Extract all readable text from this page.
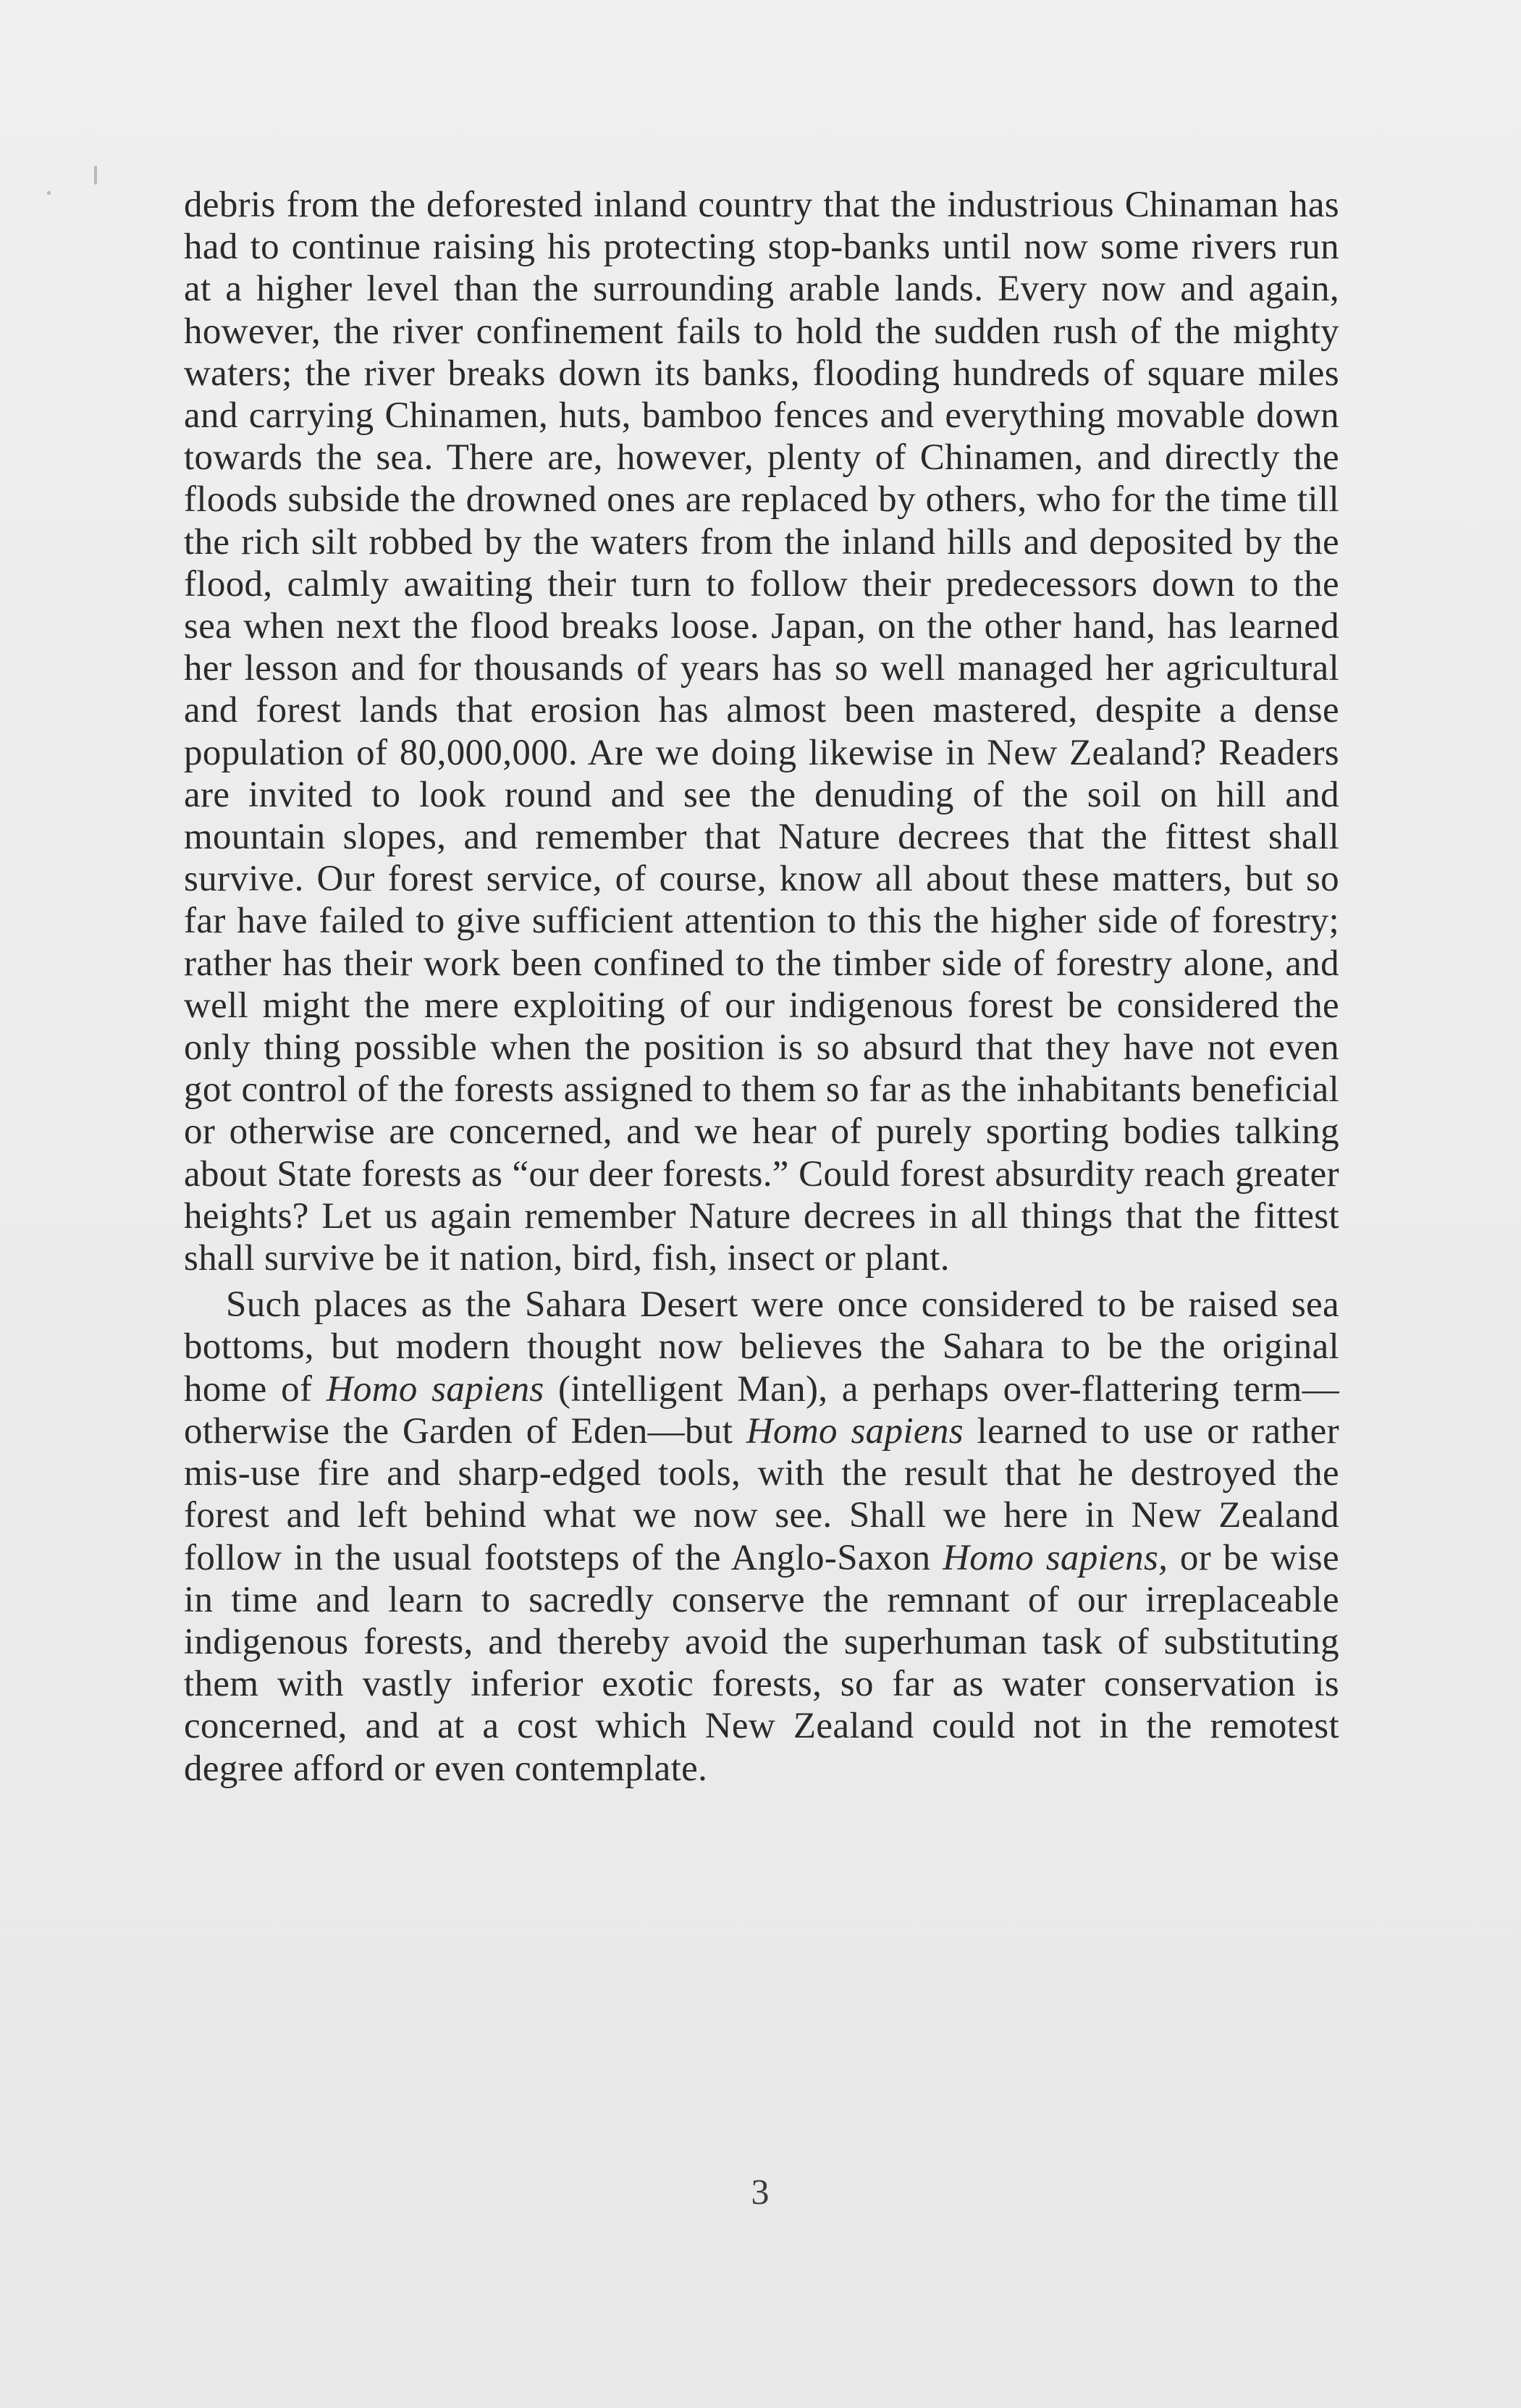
debris from the deforested inland country that the industrious Chinaman has had to continue raising his protecting stop-banks until now some rivers run at a higher level than the surrounding arable lands. Every now and again, however, the river confinement fails to hold the sudden rush of the mighty waters; the river breaks down its banks, flooding hundreds of square miles and carrying Chinamen, huts, bamboo fences and everything movable down towards the sea. There are, however, plenty of Chinamen, and directly the floods subside the drowned ones are replaced by others, who for the time till the rich silt robbed by the waters from the inland hills and deposited by the flood, calmly awaiting their turn to follow their predecessors down to the sea when next the flood breaks loose. Japan, on the other hand, has learned her lesson and for thousands of years has so well managed her agricultural and forest lands that erosion has almost been mastered, despite a dense population of 80,000,000. Are we doing likewise in New Zealand? Readers are invited to look round and see the denuding of the soil on hill and mountain slopes, and remember that Nature decrees that the fittest shall survive. Our forest service, of course, know all about these matters, but so far have failed to give sufficient attention to this the higher side of forestry; rather has their work been confined to the timber side of forestry alone, and well might the mere exploiting of our indigenous forest be considered the only thing possible when the position is so absurd that they have not even got control of the forests assigned to them so far as the inhabitants beneficial or otherwise are concerned, and we hear of purely sporting bodies talking about State forests as “our deer forests.” Could forest absurdity reach greater heights? Let us again remember Nature decrees in all things that the fittest shall survive be it nation, bird, fish, insect or plant.

Such places as the Sahara Desert were once considered to be raised sea bottoms, but modern thought now believes the Sahara to be the original home of Homo sapiens (intelligent Man), a perhaps over-flattering term—otherwise the Garden of Eden—but Homo sapiens learned to use or rather mis-use fire and sharp-edged tools, with the result that he destroyed the forest and left behind what we now see. Shall we here in New Zealand follow in the usual footsteps of the Anglo-Saxon Homo sapiens, or be wise in time and learn to sacredly conserve the remnant of our irreplaceable indigenous forests, and thereby avoid the superhuman task of substituting them with vastly inferior exotic forests, so far as water conservation is concerned, and at a cost which New Zealand could not in the remotest degree afford or even contemplate.

3
